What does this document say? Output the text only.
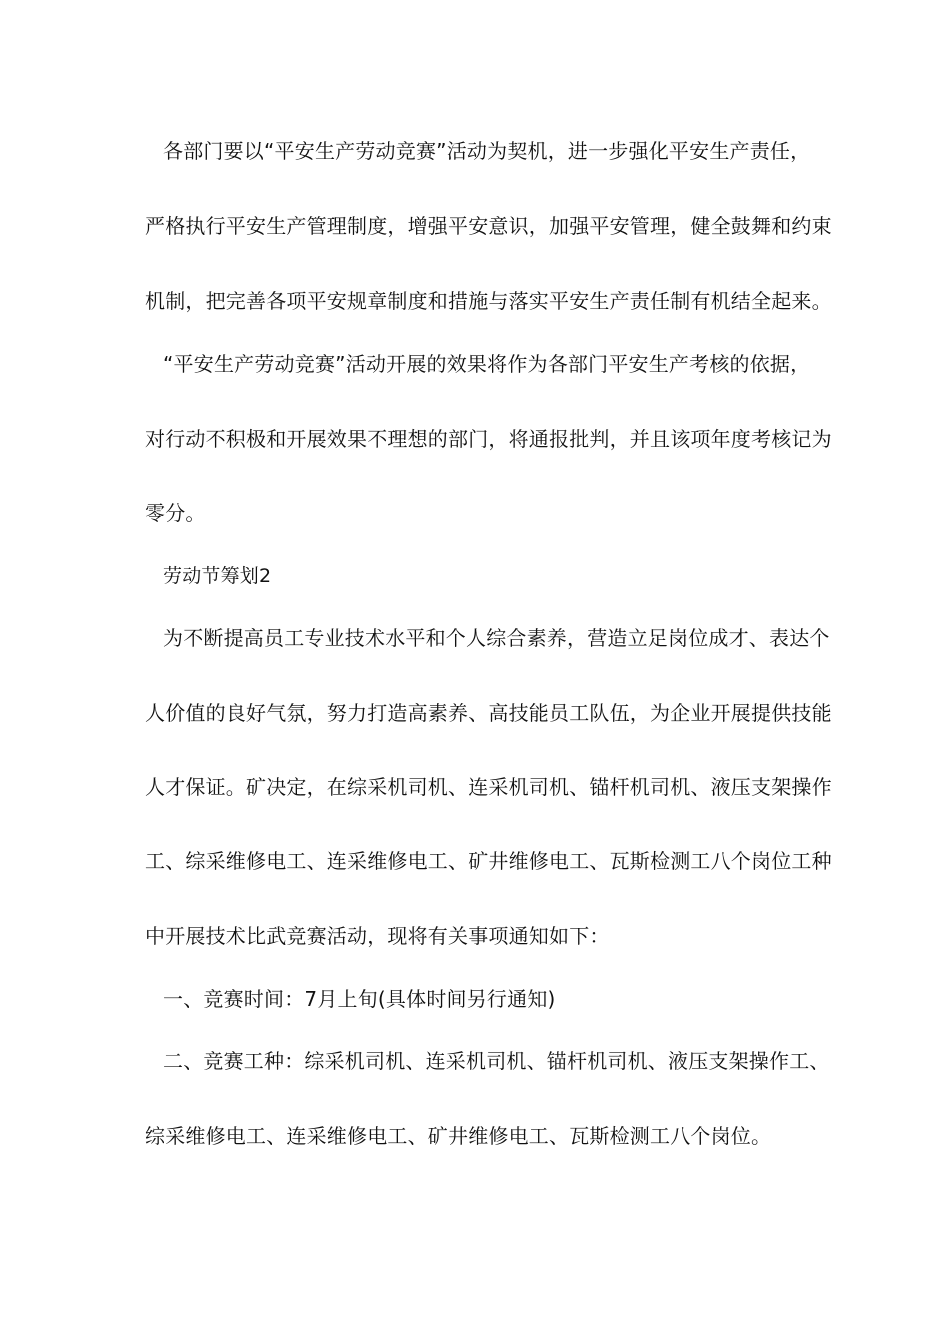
各部门要以“平安生产劳动竞赛”活动为契机，进一步强化平安生产责任，
严格执行平安生产管理制度，增强平安意识，加强平安管理，健全鼓舞和约束
机制，把完善各项平安规章制度和措施与落实平安生产责任制有机结全起来。
“平安生产劳动竞赛”活动开展的效果将作为各部门平安生产考核的依据，
对行动不积极和开展效果不理想的部门，将通报批判，并且该项年度考核记为
零分。
劳动节筹划2
为不断提高员工专业技术水平和个人综合素养，营造立足岗位成才、表达个
人价值的良好气氛，努力打造高素养、高技能员工队伍，为企业开展提供技能
人才保证。矿决定，在综采机司机、连采机司机、锚杆机司机、液压支架操作
工、综采维修电工、连采维修电工、矿井维修电工、瓦斯检测工八个岗位工种
中开展技术比武竞赛活动，现将有关事项通知如下：
一、竞赛时间：7月上旬(具体时间另行通知)
二、竞赛工种：综采机司机、连采机司机、锚杆机司机、液压支架操作工、
综采维修电工、连采维修电工、矿井维修电工、瓦斯检测工八个岗位。
